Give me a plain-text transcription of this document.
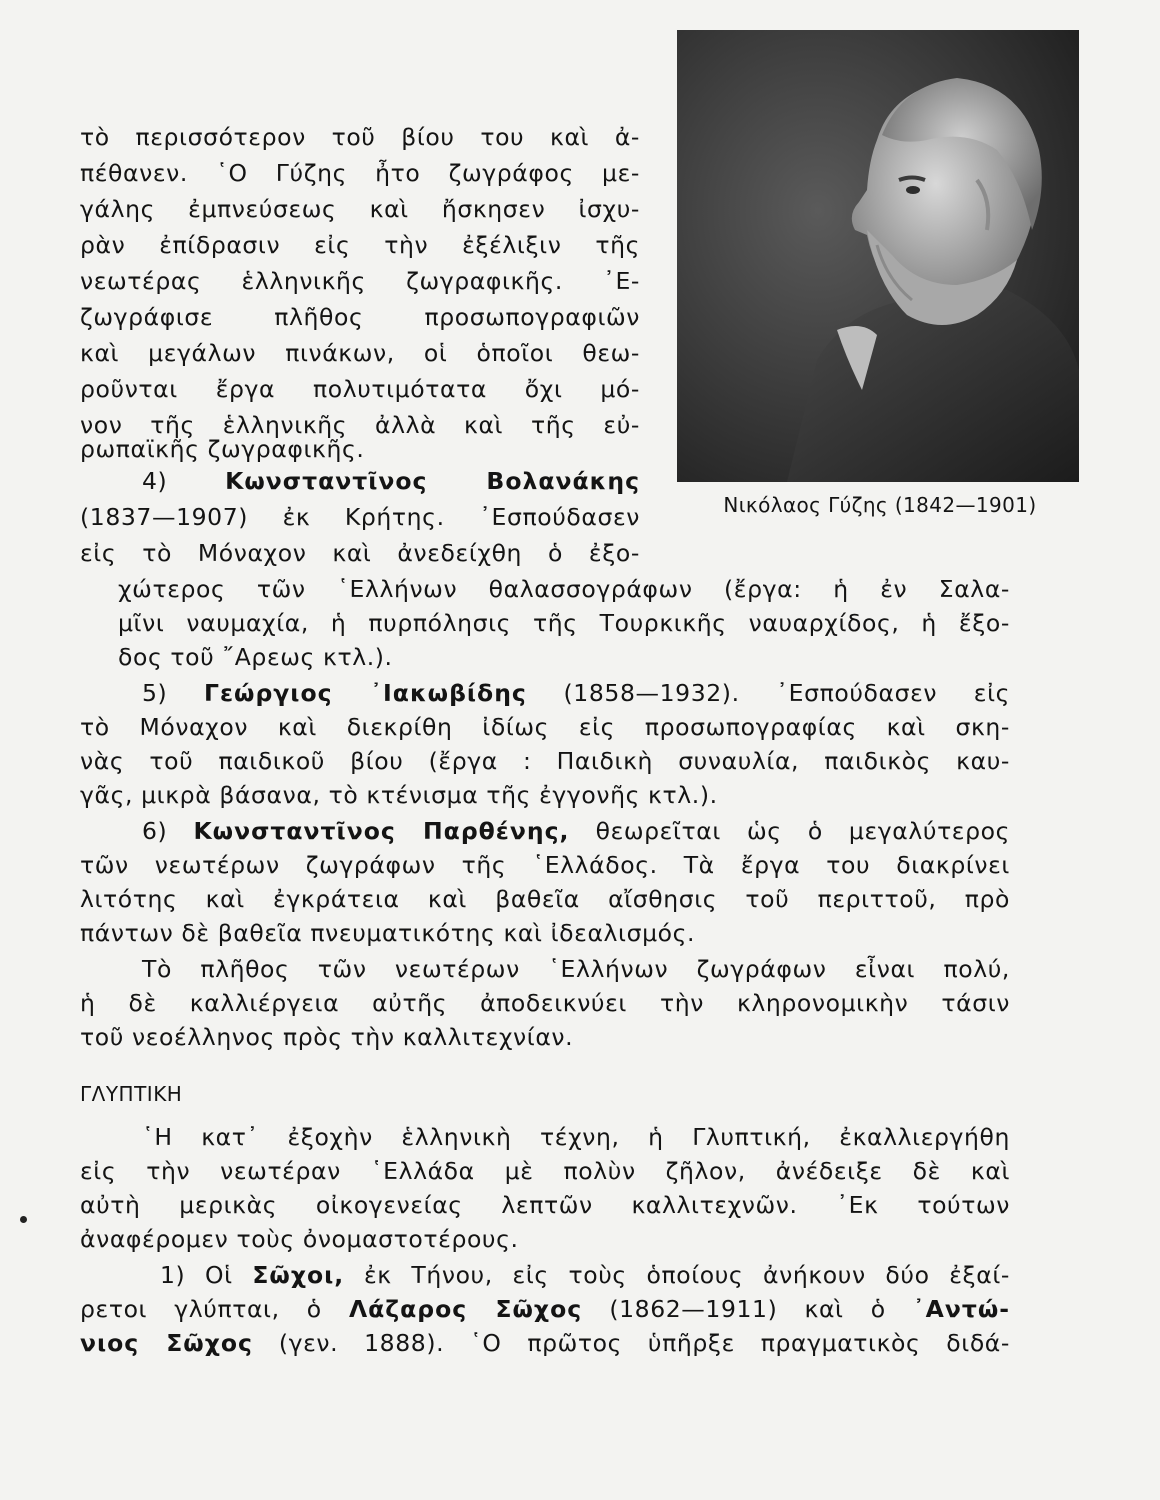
Νικόλαος Γύζης (1842—1901)

τὸ περισσότερον τοῦ βίου του καὶ ἀ-

πέθανεν. ῾Ο Γύζης ἦτο ζωγράφος με-

γάλης ἐμπνεύσεως καὶ ἤσκησεν ἰσχυ-

ρὰν ἐπίδρασιν εἰς τὴν ἐξέλιξιν τῆς

νεωτέρας ἑλληνικῆς ζωγραφικῆς. ᾿Ε-

ζωγράφισε πλῆθος προσωπογραφιῶν

καὶ μεγάλων πινάκων, οἱ ὁποῖοι θεω-

ροῦνται ἔργα πολυτιμότατα ὄχι μό-

νον τῆς ἑλληνικῆς ἀλλὰ καὶ τῆς εὐ-

ρωπαϊκῆς ζωγραφικῆς.

4) Κωνσταντῖνος Βολανάκης

(1837—1907) ἐκ Κρήτης. ᾿Εσπούδασεν

εἰς τὸ Μόναχον καὶ ἀνεδείχθη ὁ ἐξο-

χώτερος τῶν ῾Ελλήνων θαλασσογράφων (ἔργα: ἡ ἐν Σαλα-

μῖνι ναυμαχία, ἡ πυρπόλησις τῆς Τουρκικῆς ναυαρχίδος, ἡ ἔξο-

δος τοῦ ῎Αρεως κτλ.).

5) Γεώργιος ᾿Ιακωβίδης (1858—1932). ᾿Εσπούδασεν εἰς

τὸ Μόναχον καὶ διεκρίθη ἰδίως εἰς προσωπογραφίας καὶ σκη-

νὰς τοῦ παιδικοῦ βίου (ἔργα : Παιδικὴ συναυλία, παιδικὸς καυ-

γᾶς, μικρὰ βάσανα, τὸ κτένισμα τῆς ἐγγονῆς κτλ.).

6) Κωνσταντῖνος Παρθένης, θεωρεῖται ὡς ὁ μεγαλύτερος

τῶν νεωτέρων ζωγράφων τῆς ῾Ελλάδος. Τὰ ἔργα του διακρίνει

λιτότης καὶ ἐγκράτεια καὶ βαθεῖα αἴσθησις τοῦ περιττοῦ, πρὸ

πάντων δὲ βαθεῖα πνευματικότης καὶ ἰδεαλισμός.

Τὸ πλῆθος τῶν νεωτέρων ῾Ελλήνων ζωγράφων εἶναι πολύ,

ἡ δὲ καλλιέργεια αὐτῆς ἀποδεικνύει τὴν κληρονομικὴν τάσιν

τοῦ νεοέλληνος πρὸς τὴν καλλιτεχνίαν.

ΓΛΥΠΤΙΚΗ

῾Η κατ᾿ ἐξοχὴν ἑλληνικὴ τέχνη, ἡ Γλυπτική, ἐκαλλιεργήθη

εἰς τὴν νεωτέραν ῾Ελλάδα μὲ πολὺν ζῆλον, ἀνέδειξε δὲ καὶ

αὐτὴ μερικὰς οἰκογενείας λεπτῶν καλλιτεχνῶν. ᾿Εκ τούτων

ἀναφέρομεν τοὺς ὀνομαστοτέρους.

1) Οἱ Σῶχοι, ἐκ Τήνου, εἰς τοὺς ὁποίους ἀνήκουν δύο ἐξαί-

ρετοι γλύπται, ὁ Λάζαρος Σῶχος (1862—1911) καὶ ὁ ᾿Αντώ-

νιος Σῶχος (γεν. 1888). ῾Ο πρῶτος ὑπῆρξε πραγματικὸς διδά-
